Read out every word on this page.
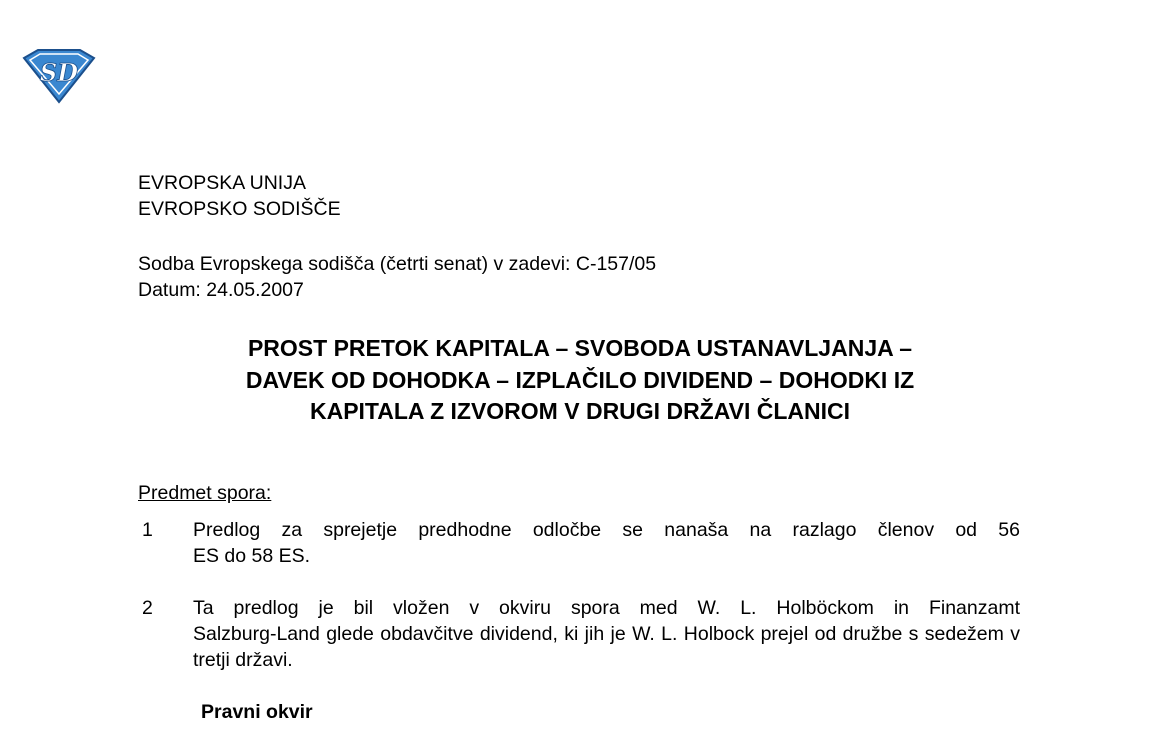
SD
EVROPSKA UNIJA
EVROPSKO SODIŠČE
Sodba Evropskega sodišča (četrti senat) v zadevi: C-157/05
Datum: 24.05.2007
PROST PRETOK KAPITALA – SVOBODA USTANAVLJANJA –
DAVEK OD DOHODKA – IZPLAČILO DIVIDEND – DOHODKI IZ
KAPITALA Z IZVOROM V DRUGI DRŽAVI ČLANICI
Predmet spora:
1 Predlog za sprejetje predhodne odločbe se nanaša na razlago členov od 56
ES do 58 ES.
2 Ta predlog je bil vložen v okviru spora med W. L. Holböckom in Finanzamt
Salzburg-Land glede obdavčitve dividend, ki jih je W. L. Holbock prejel od družbe s sedežem v tretji državi.
Pravni okvir
